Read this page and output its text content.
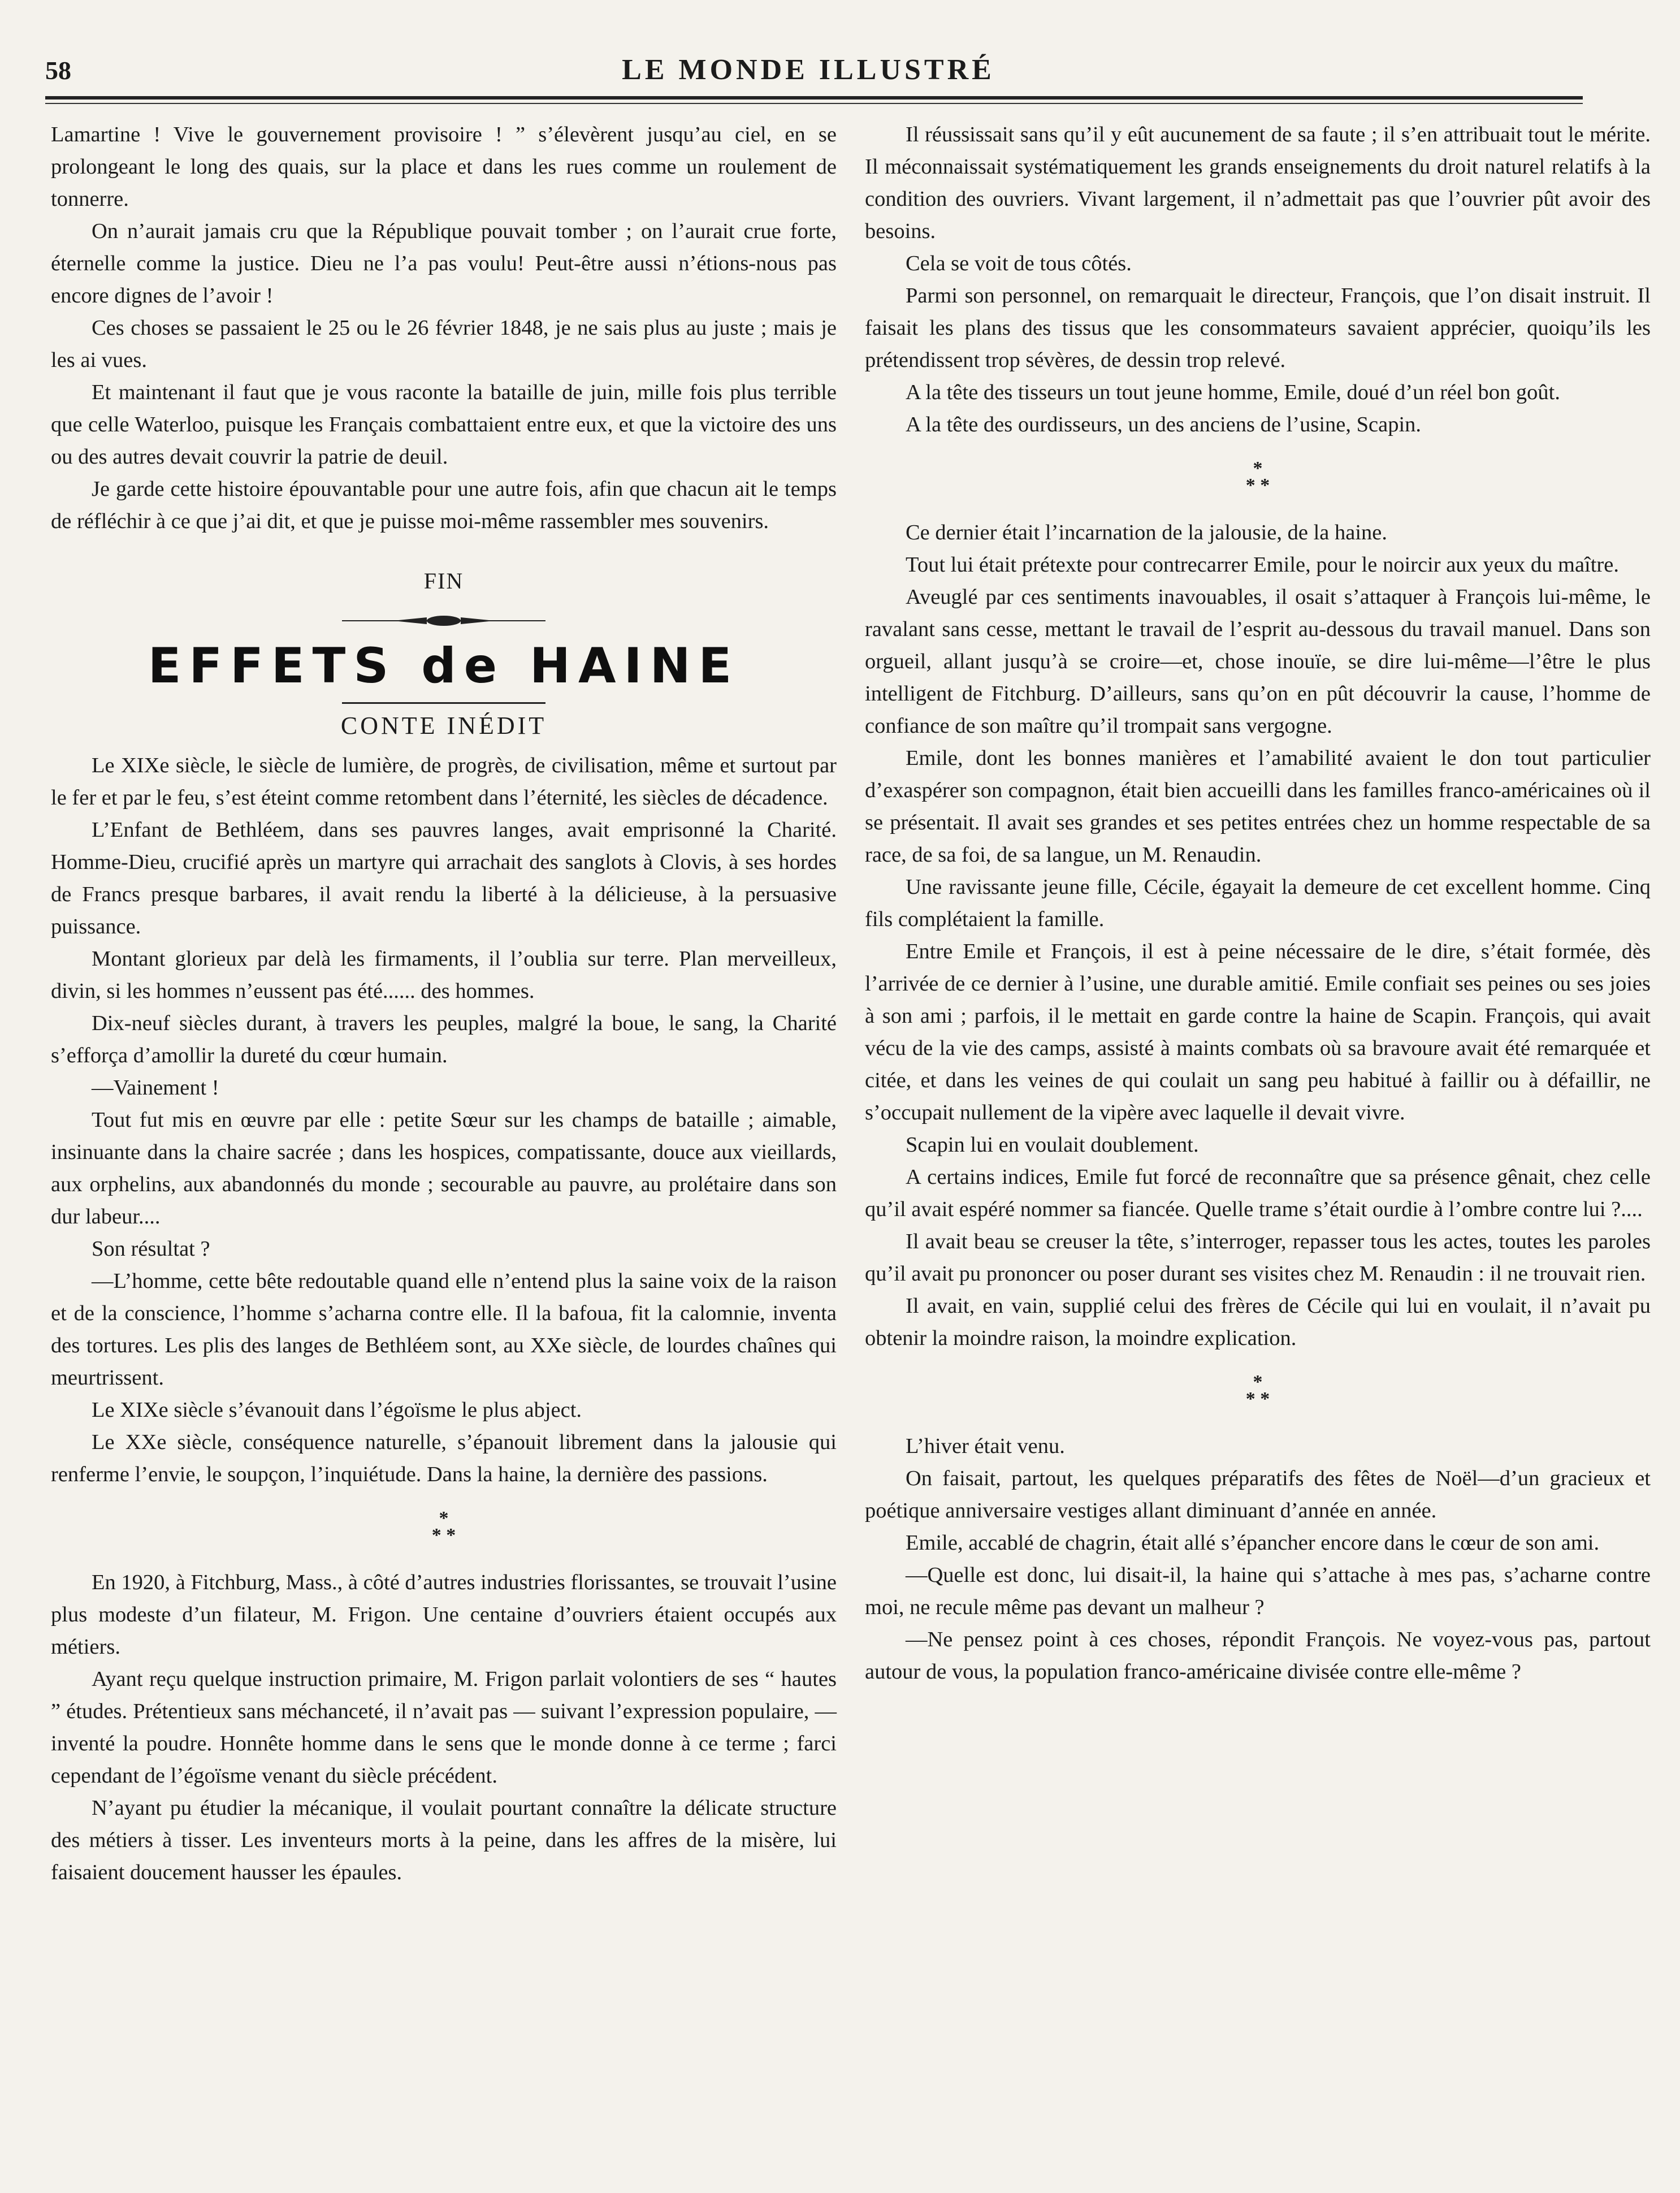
58	LE MONDE ILLUSTRÉ

Lamartine ! Vive le gouvernement provisoire ! ” s’élevèrent jusqu’au ciel, en se prolongeant le long des quais, sur la place et dans les rues comme un roulement de tonnerre.

On n’aurait jamais cru que la République pouvait tomber ; on l’aurait crue forte, éternelle comme la justice. Dieu ne l’a pas voulu! Peut-être aussi n’étions-nous pas encore dignes de l’avoir !

Ces choses se passaient le 25 ou le 26 février 1848, je ne sais plus au juste ; mais je les ai vues.

Et maintenant il faut que je vous raconte la bataille de juin, mille fois plus terrible que celle Waterloo, puisque les Français combattaient entre eux, et que la victoire des uns ou des autres devait couvrir la patrie de deuil.

Je garde cette histoire épouvantable pour une autre fois, afin que chacun ait le temps de réfléchir à ce que j’ai dit, et que je puisse moi-même rassembler mes souvenirs.

FIN
EFFETS de HAINE
CONTE INÉDIT

Le XIXe siècle, le siècle de lumière, de progrès, de civilisation, même et surtout par le fer et par le feu, s’est éteint comme retombent dans l’éternité, les siècles de décadence.

L’Enfant de Bethléem, dans ses pauvres langes, avait emprisonné la Charité. Homme-Dieu, crucifié après un martyre qui arrachait des sanglots à Clovis, à ses hordes de Francs presque barbares, il avait rendu la liberté à la délicieuse, à la persuasive puissance.

Montant glorieux par delà les firmaments, il l’oublia sur terre. Plan merveilleux, divin, si les hommes n’eussent pas été...... des hommes.

Dix-neuf siècles durant, à travers les peuples, malgré la boue, le sang, la Charité s’efforça d’amollir la dureté du cœur humain.

—Vainement !

Tout fut mis en œuvre par elle : petite Sœur sur les champs de bataille ; aimable, insinuante dans la chaire sacrée ; dans les hospices, compatissante, douce aux vieillards, aux orphelins, aux abandonnés du monde ; secourable au pauvre, au prolétaire dans son dur labeur....

Son résultat ?

—L’homme, cette bête redoutable quand elle n’entend plus la saine voix de la raison et de la conscience, l’homme s’acharna contre elle. Il la bafoua, fit la calomnie, inventa des tortures. Les plis des langes de Bethléem sont, au XXe siècle, de lourdes chaînes qui meurtrissent.

Le XIXe siècle s’évanouit dans l’égoïsme le plus abject.

Le XXe siècle, conséquence naturelle, s’épanouit librement dans la jalousie qui renferme l’envie, le soupçon, l’inquiétude. Dans la haine, la dernière des passions.

*
* *

En 1920, à Fitchburg, Mass., à côté d’autres industries florissantes, se trouvait l’usine plus modeste d’un filateur, M. Frigon. Une centaine d’ouvriers étaient occupés aux métiers.

Ayant reçu quelque instruction primaire, M. Frigon parlait volontiers de ses “ hautes ” études. Prétentieux sans méchanceté, il n’avait pas — suivant l’expression populaire, — inventé la poudre. Honnête homme dans le sens que le monde donne à ce terme ; farci cependant de l’égoïsme venant du siècle précédent.

N’ayant pu étudier la mécanique, il voulait pourtant connaître la délicate structure des métiers à tisser. Les inventeurs morts à la peine, dans les affres de la misère, lui faisaient doucement hausser les épaules.

Il réussissait sans qu’il y eût aucunement de sa faute ; il s’en attribuait tout le mérite. Il méconnaissait systématiquement les grands enseignements du droit naturel relatifs à la condition des ouvriers. Vivant largement, il n’admettait pas que l’ouvrier pût avoir des besoins.

Cela se voit de tous côtés.

Parmi son personnel, on remarquait le directeur, François, que l’on disait instruit. Il faisait les plans des tissus que les consommateurs savaient apprécier, quoiqu’ils les prétendissent trop sévères, de dessin trop relevé.

A la tête des tisseurs un tout jeune homme, Emile, doué d’un réel bon goût.

A la tête des ourdisseurs, un des anciens de l’usine, Scapin.

*
* *

Ce dernier était l’incarnation de la jalousie, de la haine.

Tout lui était prétexte pour contrecarrer Emile, pour le noircir aux yeux du maître.

Aveuglé par ces sentiments inavouables, il osait s’attaquer à François lui-même, le ravalant sans cesse, mettant le travail de l’esprit au-dessous du travail manuel. Dans son orgueil, allant jusqu’à se croire—et, chose inouïe, se dire lui-même—l’être le plus intelligent de Fitchburg. D’ailleurs, sans qu’on en pût découvrir la cause, l’homme de confiance de son maître qu’il trompait sans vergogne.

Emile, dont les bonnes manières et l’amabilité avaient le don tout particulier d’exaspérer son compagnon, était bien accueilli dans les familles franco-américaines où il se présentait. Il avait ses grandes et ses petites entrées chez un homme respectable de sa race, de sa foi, de sa langue, un M. Renaudin.

Une ravissante jeune fille, Cécile, égayait la demeure de cet excellent homme. Cinq fils complétaient la famille.

Entre Emile et François, il est à peine nécessaire de le dire, s’était formée, dès l’arrivée de ce dernier à l’usine, une durable amitié. Emile confiait ses peines ou ses joies à son ami ; parfois, il le mettait en garde contre la haine de Scapin. François, qui avait vécu de la vie des camps, assisté à maints combats où sa bravoure avait été remarquée et citée, et dans les veines de qui coulait un sang peu habitué à faillir ou à défaillir, ne s’occupait nullement de la vipère avec laquelle il devait vivre.

Scapin lui en voulait doublement.

A certains indices, Emile fut forcé de reconnaître que sa présence gênait, chez celle qu’il avait espéré nommer sa fiancée. Quelle trame s’était ourdie à l’ombre contre lui ?....

Il avait beau se creuser la tête, s’interroger, repasser tous les actes, toutes les paroles qu’il avait pu prononcer ou poser durant ses visites chez M. Renaudin : il ne trouvait rien.

Il avait, en vain, supplié celui des frères de Cécile qui lui en voulait, il n’avait pu obtenir la moindre raison, la moindre explication.

*
* *

L’hiver était venu.

On faisait, partout, les quelques préparatifs des fêtes de Noël—d’un gracieux et poétique anniversaire vestiges allant diminuant d’année en année.

Emile, accablé de chagrin, était allé s’épancher encore dans le cœur de son ami.

—Quelle est donc, lui disait-il, la haine qui s’attache à mes pas, s’acharne contre moi, ne recule même pas devant un malheur ?

—Ne pensez point à ces choses, répondit François. Ne voyez-vous pas, partout autour de vous, la population franco-américaine divisée contre elle-même ?
